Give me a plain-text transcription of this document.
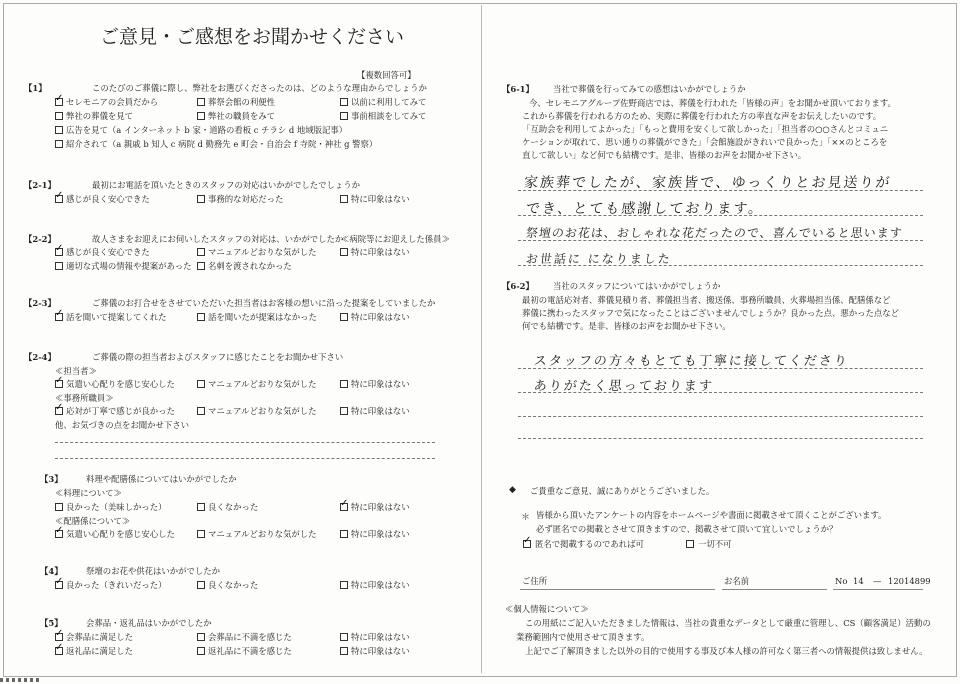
ご意見・ご感想をお聞かせください
【複数回答可】
【1】	このたびのご葬儀に際し、弊社をお選びくださったのは、どのような理由からでしょうか
✓
セレモニアの会員だから	葬祭会館の利便性	以前に利用してみて
弊社の葬儀を見て	弊社の職員をみて	事前相談をしてみて
広告を見て（a インターネット b 家・道路の看板 c チラシ d 地域版記事）
紹介されて（a 親戚 b 知人 c 病院 d 勤務先 e 町会・自治会 f 寺院・神社 g 警察）
【2-1】	最初にお電話を頂いたときのスタッフの対応はいかがでしたでしょうか
✓
感じが良く安心できた	事務的な対応だった	特に印象はない
【2-2】	故人さまをお迎えにお伺いしたスタッフの対応は、いかがでしたか
≪病院等にお迎えした係員≫
✓
感じが良く安心できた	マニュアルどおりな気がした	特に印象はない
適切な式場の情報や提案があった 名刺を渡されなかった
【2-3】	ご葬儀のお打合せをさせていただいた担当者はお客様の想いに沿った提案をしていましたか
✓
話を聞いて提案してくれた	話を聞いたが提案はなかった	特に印象はない
【2-4】	ご葬儀の際の担当者およびスタッフに感じたことをお聞かせ下さい
≪担当者≫
✓
気遣い心配りを感じ安心した	マニュアルどおりな気がした	特に印象はない
≪事務所職員≫
✓
応対が丁寧で感じが良かった	マニュアルどおりな気がした	特に印象はない
他、お気づきの点をお聞かせ下さい
【3】	料理や配膳係についてはいかがでしたか
≪料理について≫
良かった（美味しかった）	良くなかった
✓	特に印象はない
≪配膳係について≫
✓
気遣い心配りを感じ安心した	マニュアルどおりな気がした	特に印象はない
【4】	祭壇のお花や供花はいかがでしたか
✓
良かった（きれいだった）	良くなかった	特に印象はない
【5】	会葬品・返礼品はいかがでしたか
✓
会葬品に満足した	会葬品に不満を感じた	特に印象はない
✓
返礼品に満足した	返礼品に不満を感じた	特に印象はない
【6-1】 当社で葬儀を行ってみての感想はいかがでしょうか
今、セレモニアグループ佐野商店では、葬儀を行われた「皆様の声」をお聞かせ頂いております。
これから葬儀を行われる方のため、実際に葬儀を行われた方の率直な声をお伝えしたいのです。
「互助会を利用してよかった」「もっと費用を安くして欲しかった」「担当者の○○さんとコミュニ
ケーションが取れて、思い通りの葬儀ができた」「会館施設がきれいで良かった」「××のところを
直して欲しい」など何でも結構です。是非、皆様のお声をお聞かせ下さい。
家族葬でしたが、家族皆で、ゆっくりとお見送りが
でき、とても感謝しております。
祭壇のお花は、おしゃれな花だったので、喜んでいると思います
お世話に になりました
【6-2】 当社のスタッフについてはいかがでしょうか
最初の電話応対者、葬儀見積り者、葬儀担当者、搬送係、事務所職員、火葬場担当係、配膳係など
葬儀に携わったスタッフで気になったことはございませんでしょうか？良かった点、悪かった点など
何でも結構です。是非、皆様のお声をお聞かせ下さい。
スタッフの方々もとても丁寧に接してくださり
ありがたく思っております
◆ ご貴重なご意見、誠にありがとうございました。
＊ 皆様から頂いたアンケートの内容をホームページや書面に掲載させて頂くことがございます。
必ず匿名での掲載とさせて頂きますので、掲載させて頂いて宜しいでしょうか？
✓
匿名で掲載するのであれば可	一切不可
ご住所	お名前	No 14 — 12014899
≪個人情報について≫
この用紙にご記入いただきました情報は、当社の貴重なデータとして厳重に管理し、CS（顧客満足）活動の
業務範囲内で使用させて頂きます。
上記でご了解頂きました以外の目的で使用する事及び本人様の許可なく第三者への情報提供は致しません。
